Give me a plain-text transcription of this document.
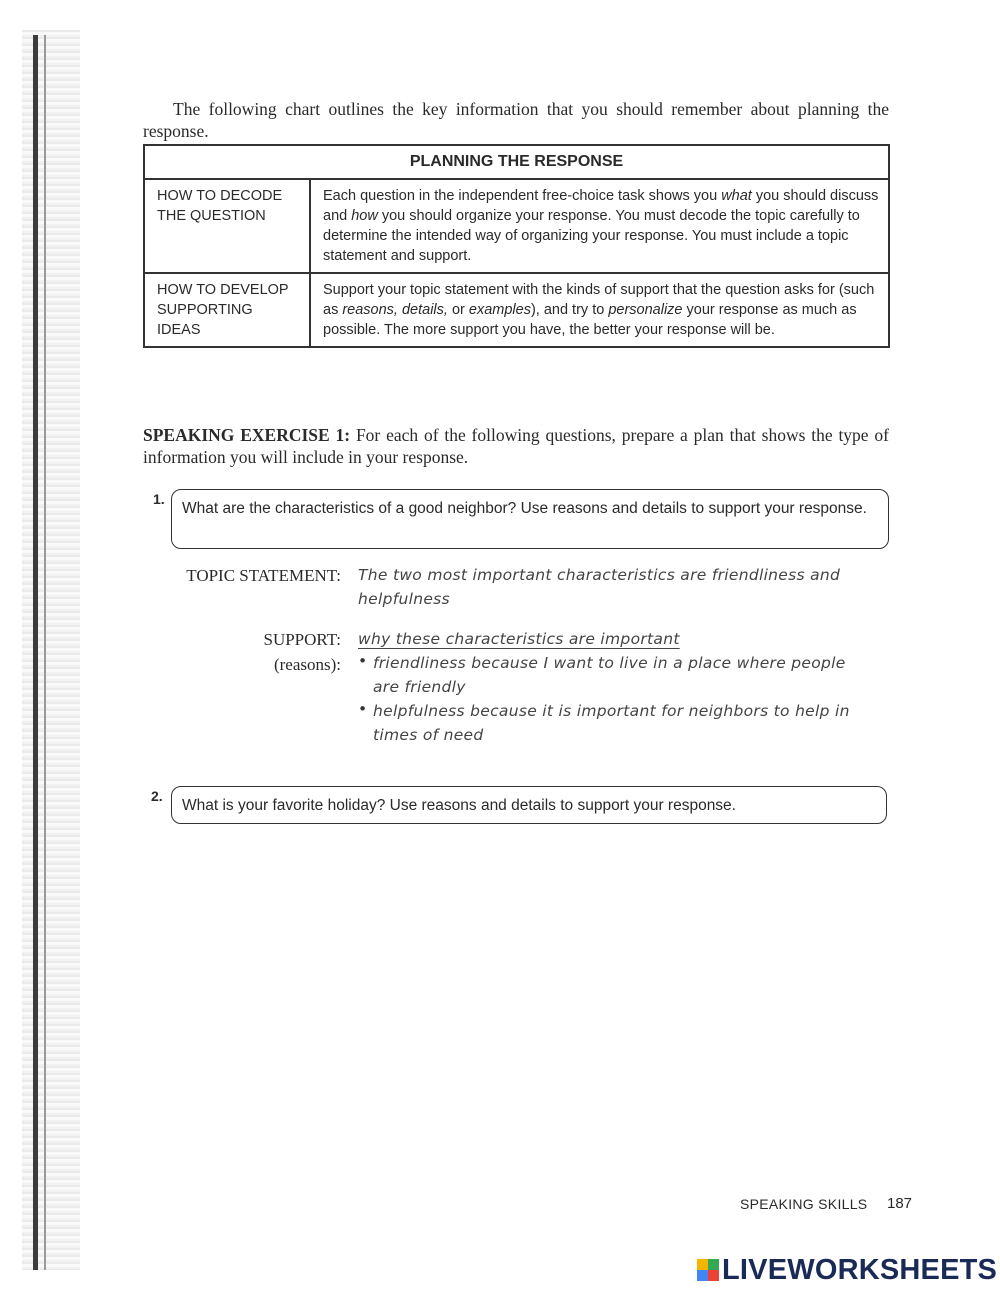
The following chart outlines the key information that you should remember about planning the response.

PLANNING THE RESPONSE	
HOW TO DECODE THE QUESTION	Each question in the independent free-choice task shows you what you should discuss and how you should organize your response. You must decode the topic carefully to determine the intended way of organizing your response. You must include a topic statement and support.
HOW TO DEVELOP SUPPORTING IDEAS	Support your topic statement with the kinds of support that the question asks for (such as reasons, details, or examples), and try to personalize your response as much as possible. The more support you have, the better your response will be.

SPEAKING EXERCISE 1: For each of the following questions, prepare a plan that shows the type of information you will include in your response.

1.
What are the characteristics of a good neighbor? Use reasons and details to support your response.
TOPIC STATEMENT: The two most important characteristics are friendliness and helpfulness
SUPPORT:
(reasons):
why these characteristics are important
• friendliness because I want to live in a place where people are friendly
• helpfulness because it is important for neighbors to help in times of need
2.
What is your favorite holiday? Use reasons and details to support your response.
SPEAKING SKILLS 187
LIVEWORKSHEETS
